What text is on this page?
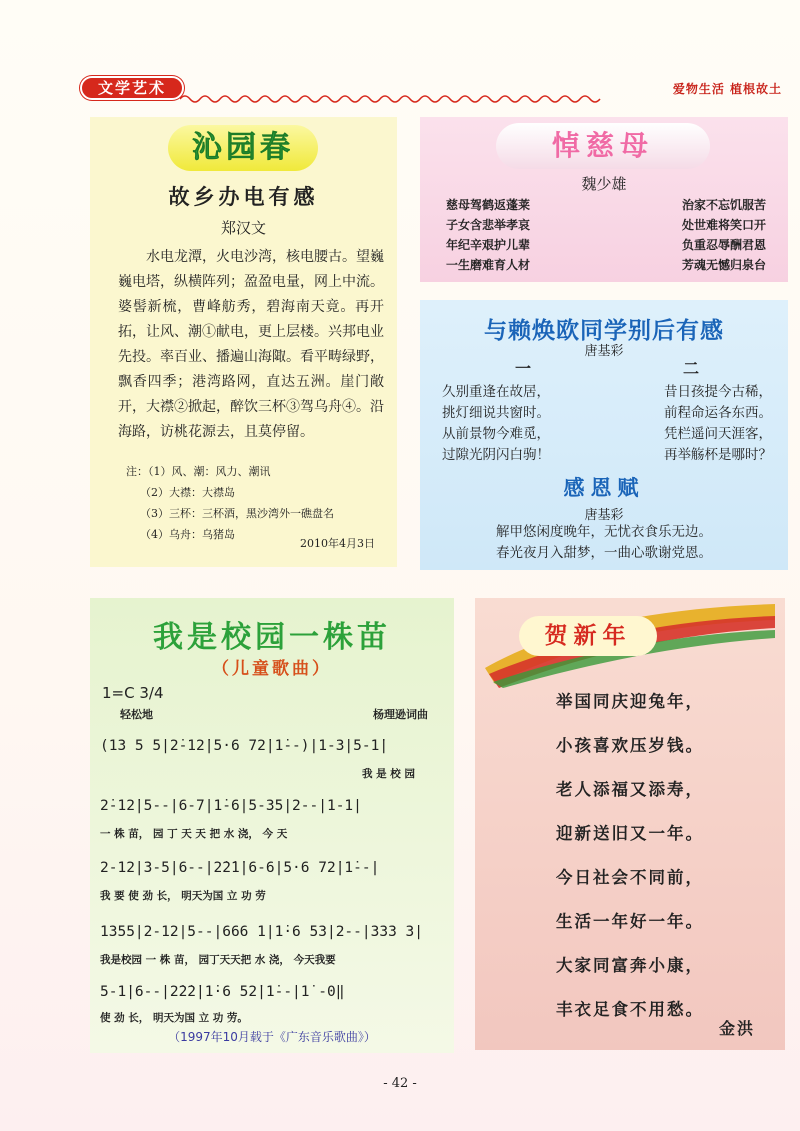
文学艺术	爱物生活 植根故土
沁园春
故乡办电有感
郑汉文
水电龙潭，火电沙湾，核电腰古。望巍巍电塔，纵横阵列；盈盈电量，网上中流。婆髻新梳，曹峰舫秀，碧海南天竟。再开拓，让风、潮①献电，更上层楼。兴邦电业先投。率百业、播遍山海陬。看平畴绿野，飘香四季；港湾路网，直达五洲。崖门敞开，大襟②掀起，醉饮三杯③驾乌舟④。沿海路，访桃花源去，且莫停留。
注：（1）风、潮：风力、潮讯
（2）大襟：大襟岛
（3）三杯：三杯酒，黑沙湾外一礁盘名
（4）乌舟：乌猪岛
2010年4月3日
悼慈母
魏少雄
慈母驾鹤返蓬莱	治家不忘饥服苦
子女含悲举孝哀	处世难将笑口开
年纪辛艰护儿辈	负重忍辱酬君恩
一生磨难育人材	芳魂无憾归泉台
与赖焕欧同学别后有感
唐基彩
一	二
久别重逢在故居，	昔日孩提今古稀，
挑灯细说共窗时。	前程命运各东西。
从前景物今难觅，	凭栏遥问天涯客，
过隙光阴闪白驹！	再举觞杯是哪时？
感恩赋
唐基彩
解甲悠闲度晚年，无忧衣食乐无边。
春光夜月入甜梦，一曲心歌谢党恩。
我是校园一株苗
（儿童歌曲）
1=C 3/4
轻松地	杨理逊词曲
(13 5 5|2̇-12̇|5·6 72̇|1̇--)|1-3|5-1̇|
我 是 校 园
2̇-12̇|5--|6-7|1̇-6|5-35|2--|1-1|
一 株 苗， 园 丁 天 天 把 水 浇， 今 天
2-12|3-5|6--|2̇2̇1̇|6-6|5·6 72̇|1̇--|
我 要 使 劲 长， 明天为国 立 功 劳
1355|2-12|5--|666 1|1̇·6 53|2--|333 3|
我是校园 一 株 苗， 园丁天天把 水 浇， 今天我要
5-1̇|6--|2̇2̇2̇|1̇·6 52̇|1̇--|1̇ -0‖
使 劲 长， 明天为国 立 功 劳。
（1997年10月载于《广东音乐歌曲》）
贺新年
举国同庆迎兔年，
小孩喜欢压岁钱。
老人添福又添寿，
迎新送旧又一年。
今日社会不同前，
生活一年好一年。
大家同富奔小康，
丰衣足食不用愁。
金洪
- 42 -
